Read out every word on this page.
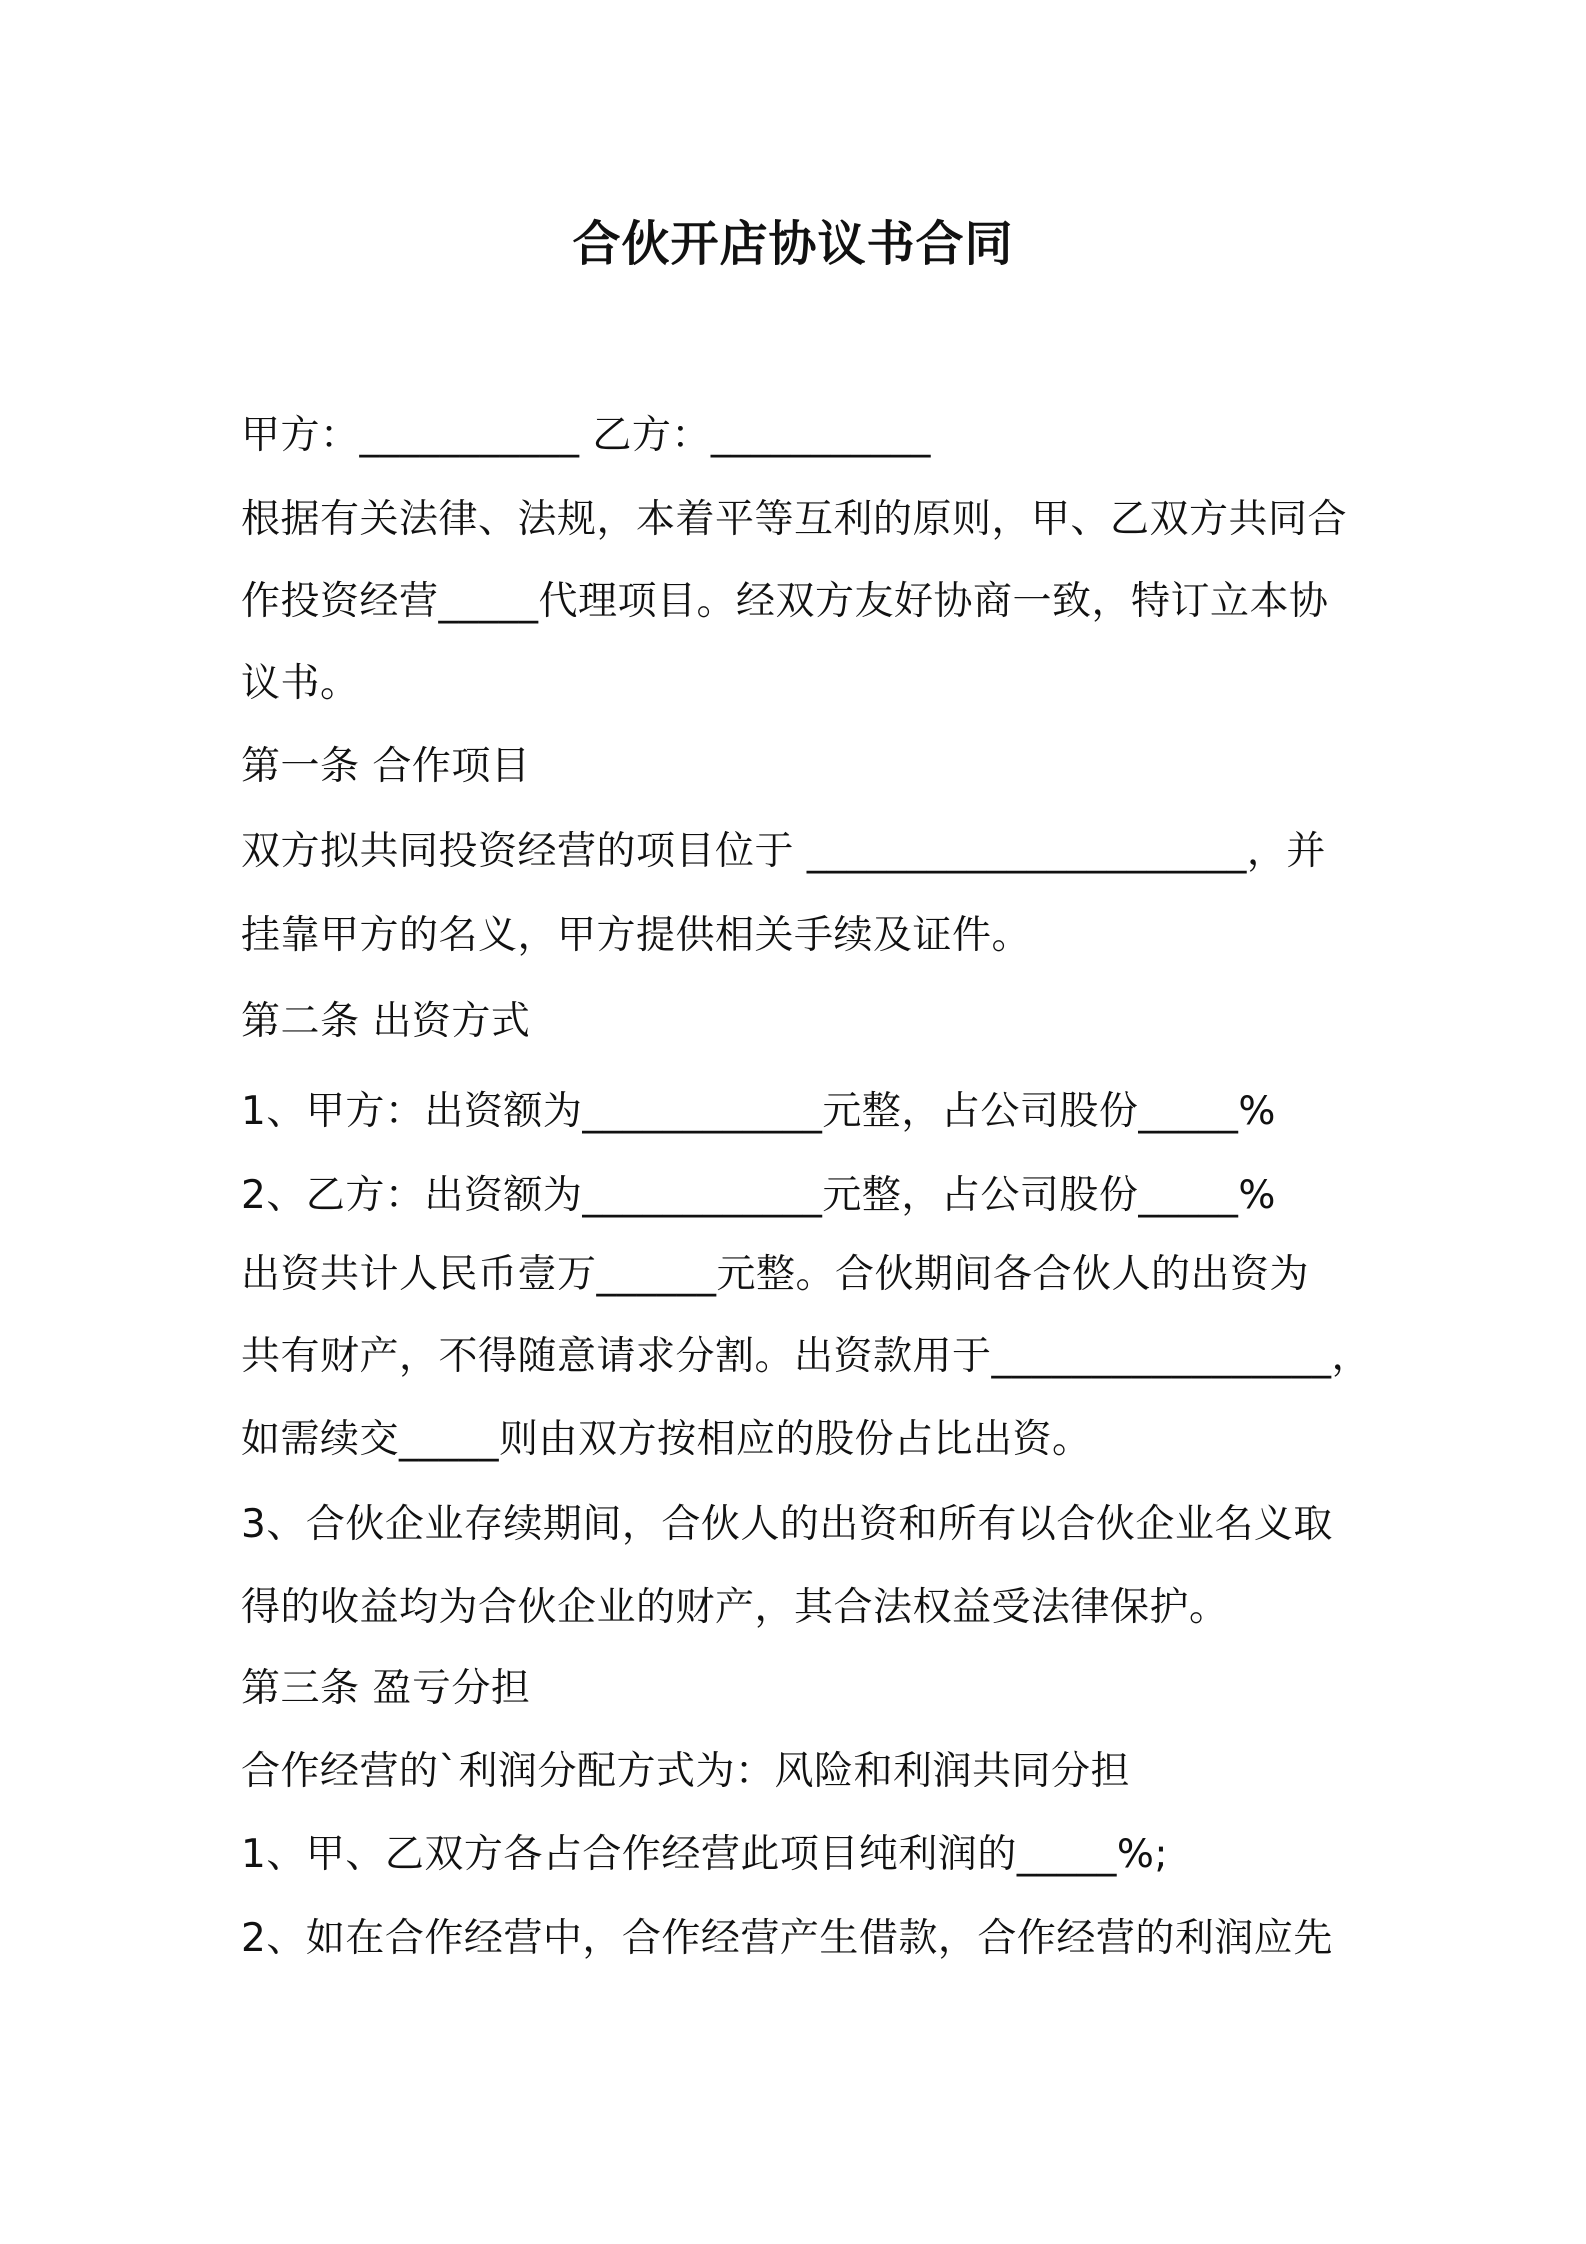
合伙开店协议书合同
甲方：___________ 乙方：___________
根据有关法律、法规，本着平等互利的原则，甲、乙双方共同合
作投资经营_____代理项目。经双方友好协商一致，特订立本协
议书。
第一条 合作项目
双方拟共同投资经营的项目位于 ______________________，并
挂靠甲方的名义，甲方提供相关手续及证件。
第二条 出资方式
1、甲方：出资额为____________元整，占公司股份_____%
2、乙方：出资额为____________元整，占公司股份_____%
出资共计人民币壹万______元整。合伙期间各合伙人的出资为
共有财产，不得随意请求分割。出资款用于_________________，
如需续交_____则由双方按相应的股份占比出资。
3、合伙企业存续期间，合伙人的出资和所有以合伙企业名义取
得的收益均为合伙企业的财产，其合法权益受法律保护。
第三条 盈亏分担
合作经营的`利润分配方式为：风险和利润共同分担
1、甲、乙双方各占合作经营此项目纯利润的_____%;
2、如在合作经营中，合作经营产生借款，合作经营的利润应先
